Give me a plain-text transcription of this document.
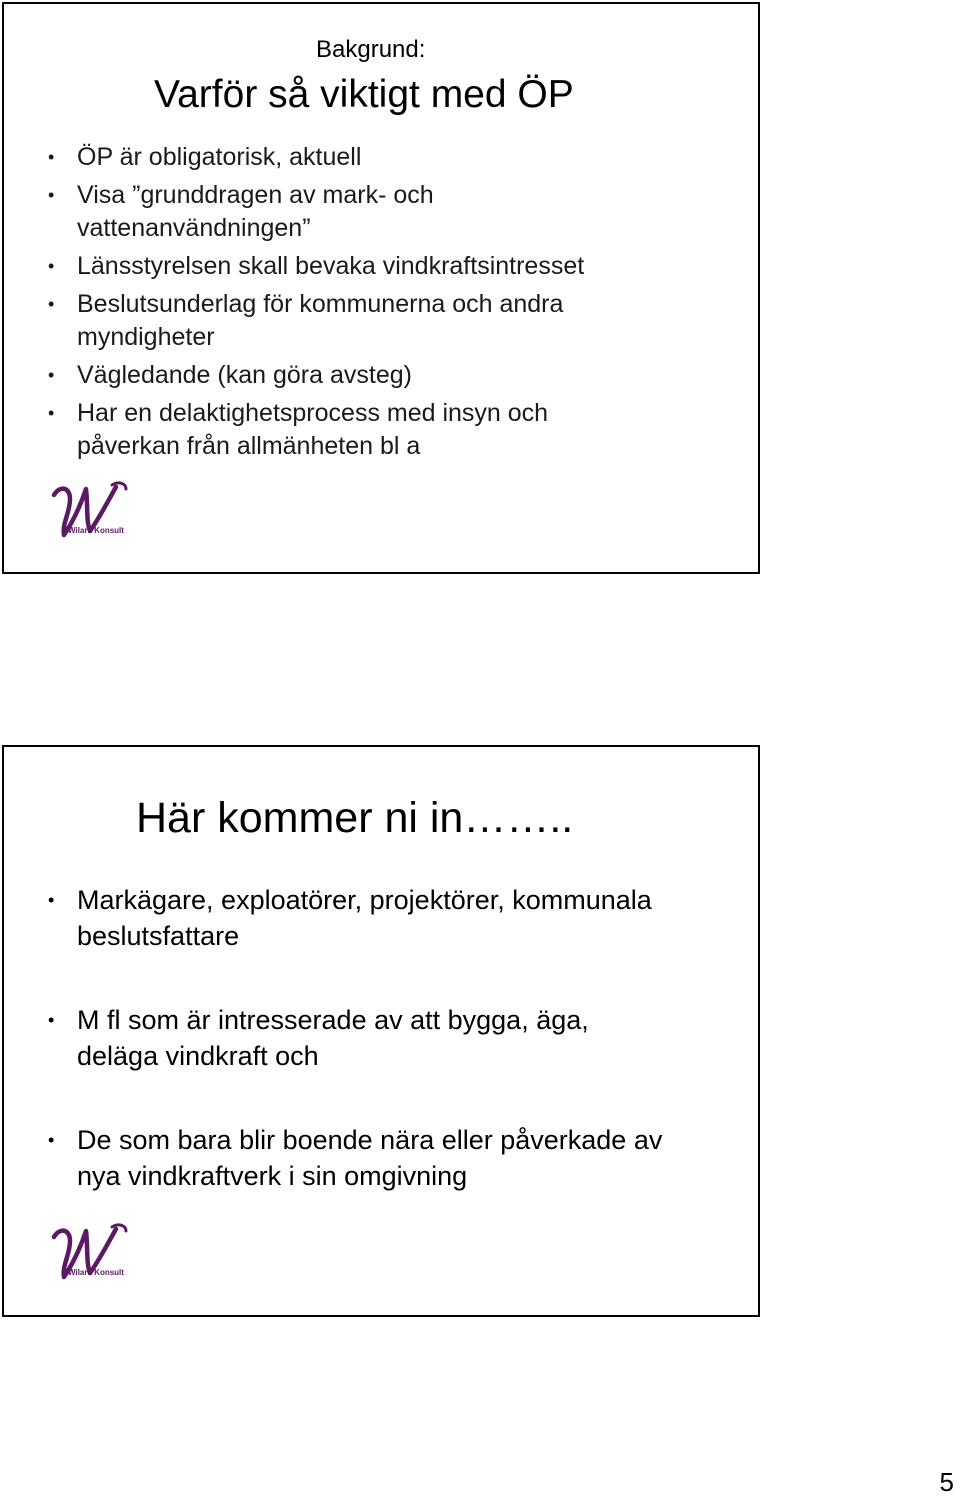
Bakgrund:
Varför så viktigt med ÖP
• ÖP är obligatorisk, aktuell
• Visa ”grunddragen av mark- och vattenanvändningen”
• Länsstyrelsen skall bevaka vindkraftsintresset
• Beslutsunderlag för kommunerna och andra myndigheter
• Vägledande (kan göra avsteg)
• Har en delaktighetsprocess med insyn och påverkan från allmänheten bl a
Wilark Konsult
Här kommer ni in……..
• Markägare, exploatörer, projektörer, kommunala beslutsfattare
• M fl som är intresserade av att bygga, äga, deläga vindkraft och
• De som bara blir boende nära eller påverkade av nya vindkraftverk i sin omgivning
Wilark Konsult
5
